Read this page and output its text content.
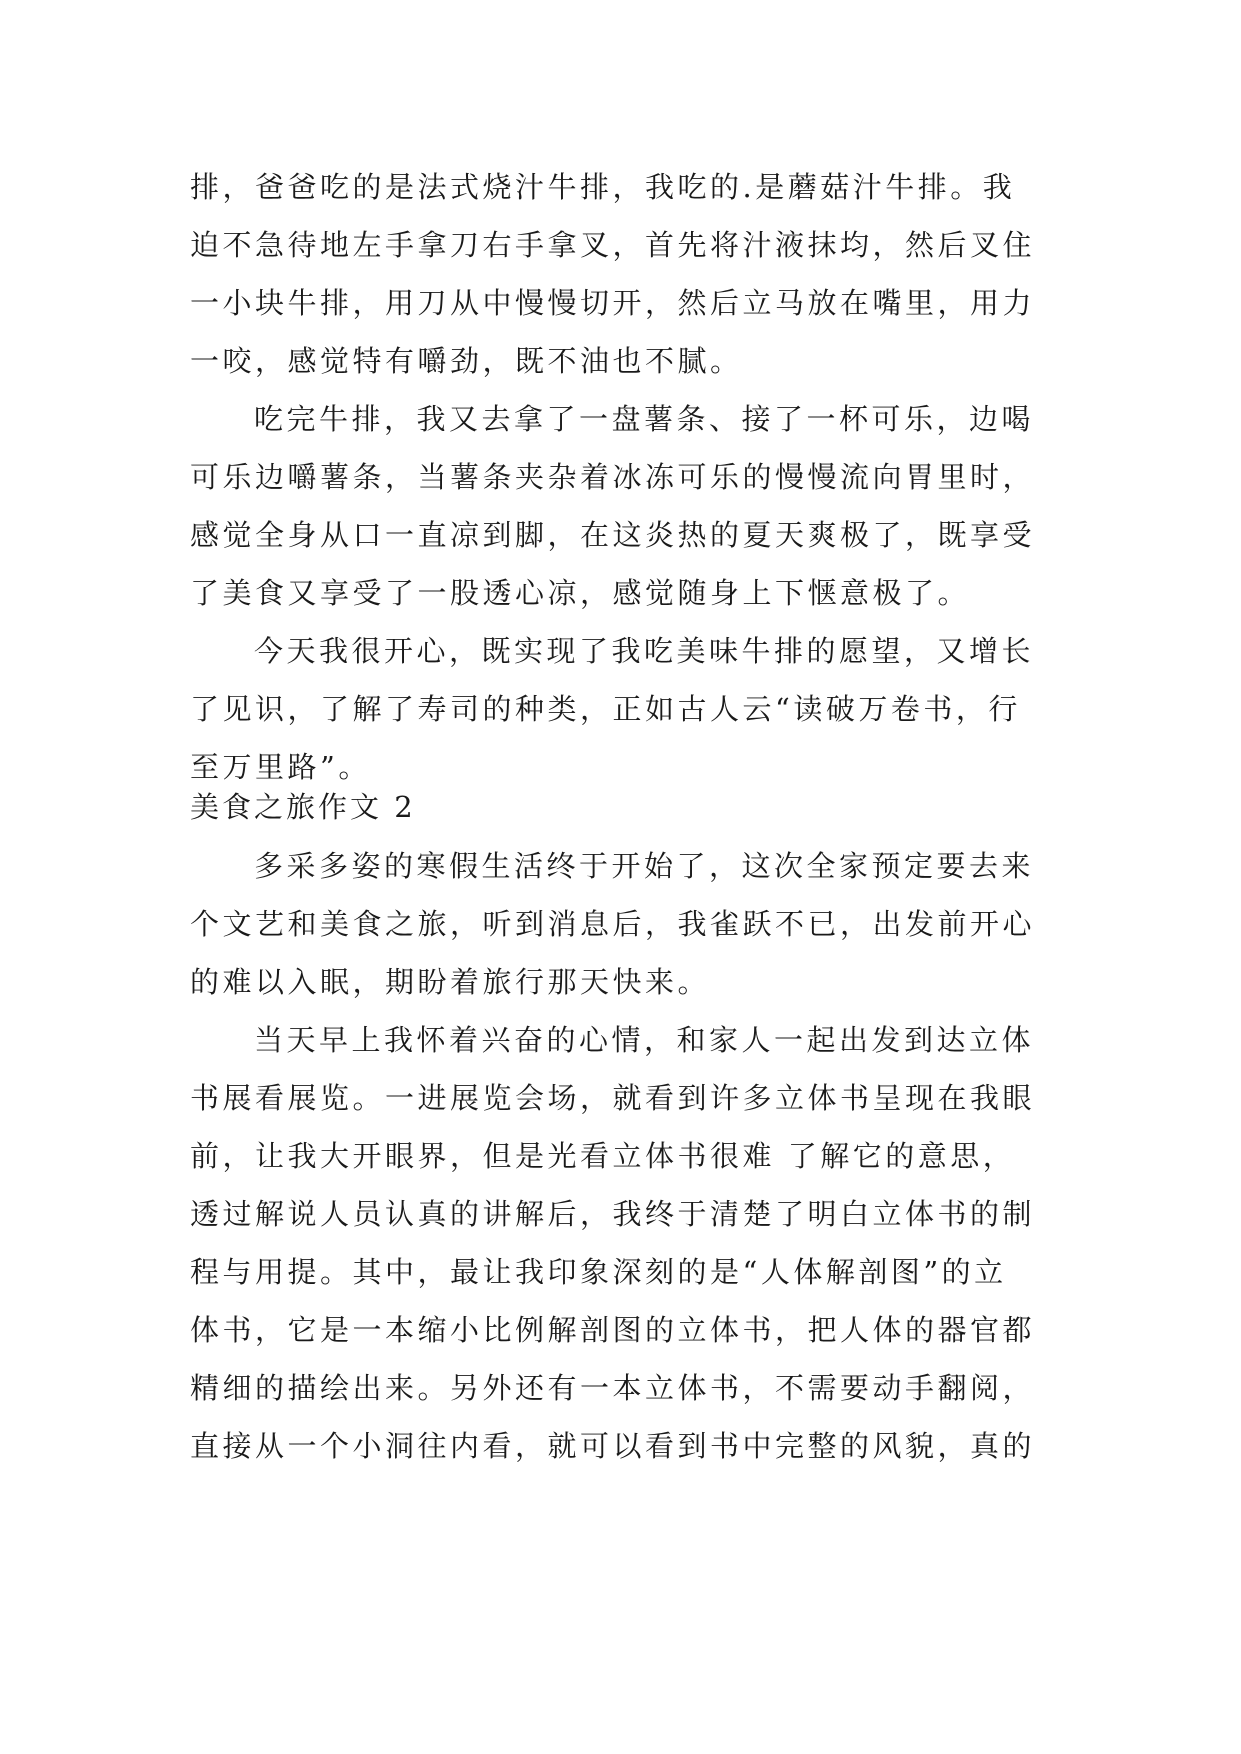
排，爸爸吃的是法式烧汁牛排，我吃的.是蘑菇汁牛排。我
迫不急待地左手拿刀右手拿叉，首先将汁液抹均，然后叉住
一小块牛排，用刀从中慢慢切开，然后立马放在嘴里，用力
一咬，感觉特有嚼劲，既不油也不腻。
吃完牛排，我又去拿了一盘薯条、接了一杯可乐，边喝
可乐边嚼薯条，当薯条夹杂着冰冻可乐的慢慢流向胃里时，
感觉全身从口一直凉到脚，在这炎热的夏天爽极了，既享受
了美食又享受了一股透心凉，感觉随身上下惬意极了。
今天我很开心，既实现了我吃美味牛排的愿望，又增长
了见识，了解了寿司的种类，正如古人云“读破万卷书，行
至万里路”。
美食之旅作文 2
多采多姿的寒假生活终于开始了，这次全家预定要去来
个文艺和美食之旅，听到消息后，我雀跃不已，出发前开心
的难以入眠，期盼着旅行那天快来。
当天早上我怀着兴奋的心情，和家人一起出发到达立体
书展看展览。一进展览会场，就看到许多立体书呈现在我眼
前，让我大开眼界，但是光看立体书很难 了解它的意思，
透过解说人员认真的讲解后，我终于清楚了明白立体书的制
程与用提。其中，最让我印象深刻的是“人体解剖图”的立
体书，它是一本缩小比例解剖图的立体书，把人体的器官都
精细的描绘出来。另外还有一本立体书，不需要动手翻阅，
直接从一个小洞往内看，就可以看到书中完整的风貌，真的
